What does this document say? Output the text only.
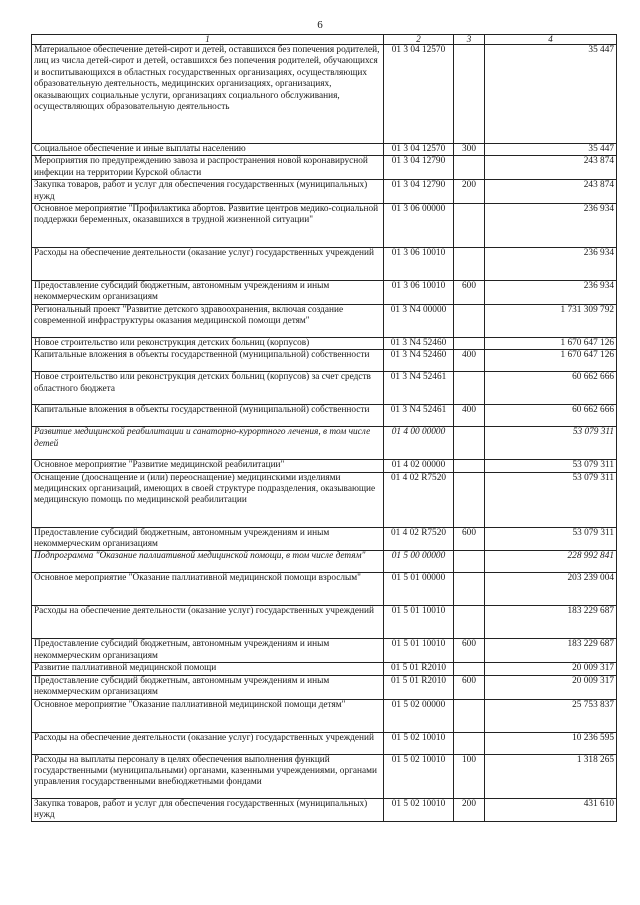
6
1	2	3	4
Материальное обеспечение детей-сирот и детей, оставшихся без попечения родителей, лиц из числа детей-сирот и детей, оставшихся без попечения родителей, обучающихся и воспитывающихся в областных государственных организациях, осуществляющих образовательную деятельность, медицинских организациях, организациях, оказывающих социальные услуги, организациях социального обслуживания, осуществляющих образовательную деятельность	01 3 04 12570		35 447
Социальное обеспечение и иные выплаты населению	01 3 04 12570	300	35 447
Мероприятия по предупреждению завоза и распространения новой коронавирусной инфекции на территории Курской области	01 3 04 12790		243 874
Закупка товаров, работ и услуг для обеспечения государственных (муниципальных) нужд	01 3 04 12790	200	243 874
Основное мероприятие "Профилактика абортов. Развитие центров медико-социальной поддержки беременных, оказавшихся в трудной жизненной ситуации"	01 3 06 00000		236 934
Расходы на обеспечение деятельности (оказание услуг) государственных учреждений	01 3 06 10010		236 934
Предоставление субсидий бюджетным, автономным учреждениям и иным некоммерческим организациям	01 3 06 10010	600	236 934
Региональный проект "Развитие детского здравоохранения, включая создание современной инфраструктуры оказания медицинской помощи детям"	01 3 N4 00000		1 731 309 792
Новое строительство или реконструкция детских больниц (корпусов)	01 3 N4 52460		1 670 647 126
Капитальные вложения в объекты государственной (муниципальной) собственности	01 3 N4 52460	400	1 670 647 126
Новое строительство или реконструкция детских больниц (корпусов) за счет средств областного бюджета	01 3 N4 52461		60 662 666
Капитальные вложения в объекты государственной (муниципальной) собственности	01 3 N4 52461	400	60 662 666
Развитие медицинской реабилитации и санаторно-курортного лечения, в том числе детей	01 4 00 00000		53 079 311
Основное мероприятие "Развитие медицинской реабилитации"	01 4 02 00000		53 079 311
Оснащение (дооснащение и (или) переоснащение) медицинскими изделиями медицинских организаций, имеющих в своей структуре подразделения, оказывающие медицинскую помощь по медицинской реабилитации	01 4 02 R7520		53 079 311
Предоставление субсидий бюджетным, автономным учреждениям и иным некоммерческим организациям	01 4 02 R7520	600	53 079 311
Подпрограмма "Оказание паллиативной медицинской помощи, в том числе детям"	01 5 00 00000		228 992 841
Основное мероприятие "Оказание паллиативной медицинской помощи взрослым"	01 5 01 00000		203 239 004
Расходы на обеспечение деятельности (оказание услуг) государственных учреждений	01 5 01 10010		183 229 687
Предоставление субсидий бюджетным, автономным учреждениям и иным некоммерческим организациям	01 5 01 10010	600	183 229 687
Развитие паллиативной медицинской помощи	01 5 01 R2010		20 009 317
Предоставление субсидий бюджетным, автономным учреждениям и иным некоммерческим организациям	01 5 01 R2010	600	20 009 317
Основное мероприятие "Оказание паллиативной медицинской помощи детям"	01 5 02 00000		25 753 837
Расходы на обеспечение деятельности (оказание услуг) государственных учреждений	01 5 02 10010		10 236 595
Расходы на выплаты персоналу в целях обеспечения выполнения функций государственными (муниципальными) органами, казенными учреждениями, органами управления государственными внебюджетными фондами	01 5 02 10010	100	1 318 265
Закупка товаров, работ и услуг для обеспечения государственных (муниципальных) нужд	01 5 02 10010	200	431 610
